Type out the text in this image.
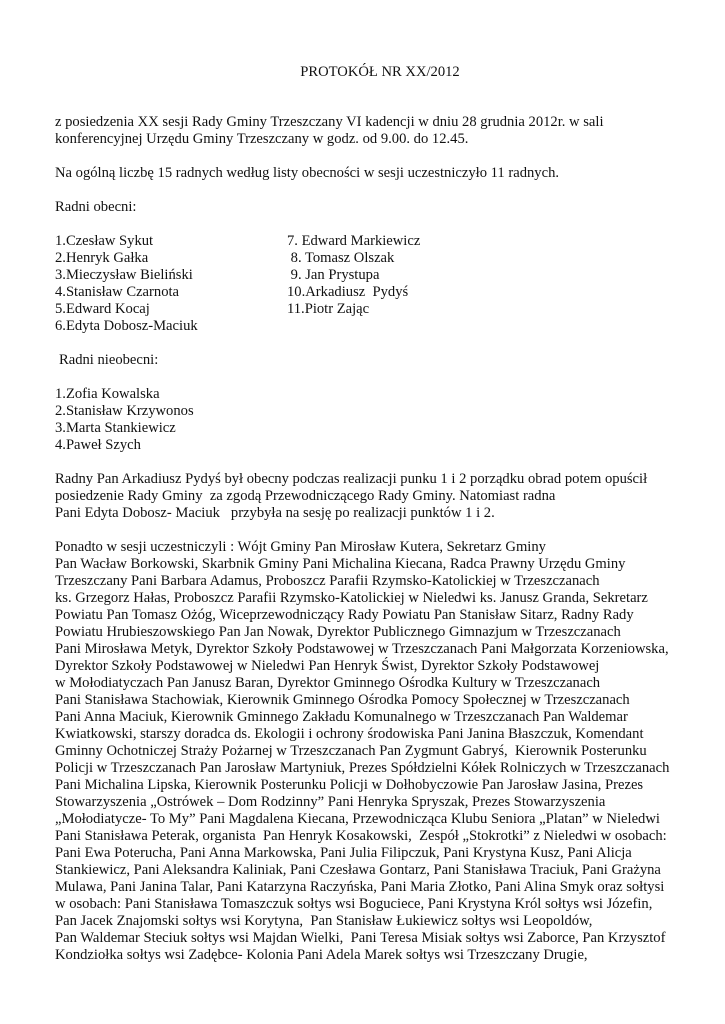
PROTOKÓŁ NR XX/2012
z posiedzenia XX sesji Rady Gminy Trzeszczany VI kadencji w dniu 28 grudnia 2012r. w sali
konferencyjnej Urzędu Gminy Trzeszczany w godz. od 9.00. do 12.45.
Na ogólną liczbę 15 radnych według listy obecności w sesji uczestniczyło 11 radnych.
Radni obecni:
1.Czesław Sykut
2.Henryk Gałka
3.Mieczysław Bieliński
4.Stanisław Czarnota
5.Edward Kocaj
6.Edyta Dobosz-Maciuk
7. Edward Markiewicz
8. Tomasz Olszak
9. Jan Prystupa
10.Arkadiusz  Pydyś
11.Piotr Zając
Radni nieobecni:
1.Zofia Kowalska
2.Stanisław Krzywonos
3.Marta Stankiewicz
4.Paweł Szych
Radny Pan Arkadiusz Pydyś był obecny podczas realizacji punku 1 i 2 porządku obrad potem opuścił
posiedzenie Rady Gminy  za zgodą Przewodniczącego Rady Gminy. Natomiast radna
Pani Edyta Dobosz- Maciuk   przybyła na sesję po realizacji punktów 1 i 2.
Ponadto w sesji uczestniczyli : Wójt Gminy Pan Mirosław Kutera, Sekretarz Gminy
Pan Wacław Borkowski, Skarbnik Gminy Pani Michalina Kiecana, Radca Prawny Urzędu Gminy
Trzeszczany Pani Barbara Adamus, Proboszcz Parafii Rzymsko-Katolickiej w Trzeszczanach
ks. Grzegorz Hałas, Proboszcz Parafii Rzymsko-Katolickiej w Nieledwi ks. Janusz Granda, Sekretarz
Powiatu Pan Tomasz Ożóg, Wiceprzewodniczący Rady Powiatu Pan Stanisław Sitarz, Radny Rady
Powiatu Hrubieszowskiego Pan Jan Nowak, Dyrektor Publicznego Gimnazjum w Trzeszczanach
Pani Mirosława Metyk, Dyrektor Szkoły Podstawowej w Trzeszczanach Pani Małgorzata Korzeniowska,
Dyrektor Szkoły Podstawowej w Nieledwi Pan Henryk Świst, Dyrektor Szkoły Podstawowej
w Mołodiatyczach Pan Janusz Baran, Dyrektor Gminnego Ośrodka Kultury w Trzeszczanach
Pani Stanisława Stachowiak, Kierownik Gminnego Ośrodka Pomocy Społecznej w Trzeszczanach
Pani Anna Maciuk, Kierownik Gminnego Zakładu Komunalnego w Trzeszczanach Pan Waldemar
Kwiatkowski, starszy doradca ds. Ekologii i ochrony środowiska Pani Janina Błaszczuk, Komendant
Gminny Ochotniczej Straży Pożarnej w Trzeszczanach Pan Zygmunt Gabryś,  Kierownik Posterunku
Policji w Trzeszczanach Pan Jarosław Martyniuk, Prezes Spółdzielni Kółek Rolniczych w Trzeszczanach
Pani Michalina Lipska, Kierownik Posterunku Policji w Dołhobyczowie Pan Jarosław Jasina, Prezes
Stowarzyszenia „Ostrówek – Dom Rodzinny” Pani Henryka Spryszak, Prezes Stowarzyszenia
„Mołodiatycze- To My” Pani Magdalena Kiecana, Przewodnicząca Klubu Seniora „Platan” w Nieledwi
Pani Stanisława Peterak, organista  Pan Henryk Kosakowski,  Zespół „Stokrotki” z Nieledwi w osobach:
Pani Ewa Poterucha, Pani Anna Markowska, Pani Julia Filipczuk, Pani Krystyna Kusz, Pani Alicja
Stankiewicz, Pani Aleksandra Kaliniak, Pani Czesława Gontarz, Pani Stanisława Traciuk, Pani Grażyna
Mulawa, Pani Janina Talar, Pani Katarzyna Raczyńska, Pani Maria Złotko, Pani Alina Smyk oraz sołtysi
w osobach: Pani Stanisława Tomaszczuk sołtys wsi Boguciece, Pani Krystyna Król sołtys wsi Józefin,
Pan Jacek Znajomski sołtys wsi Korytyna,  Pan Stanisław Łukiewicz sołtys wsi Leopoldów,
Pan Waldemar Steciuk sołtys wsi Majdan Wielki,  Pani Teresa Misiak sołtys wsi Zaborce, Pan Krzysztof
Kondziołka sołtys wsi Zadębce- Kolonia Pani Adela Marek sołtys wsi Trzeszczany Drugie,
